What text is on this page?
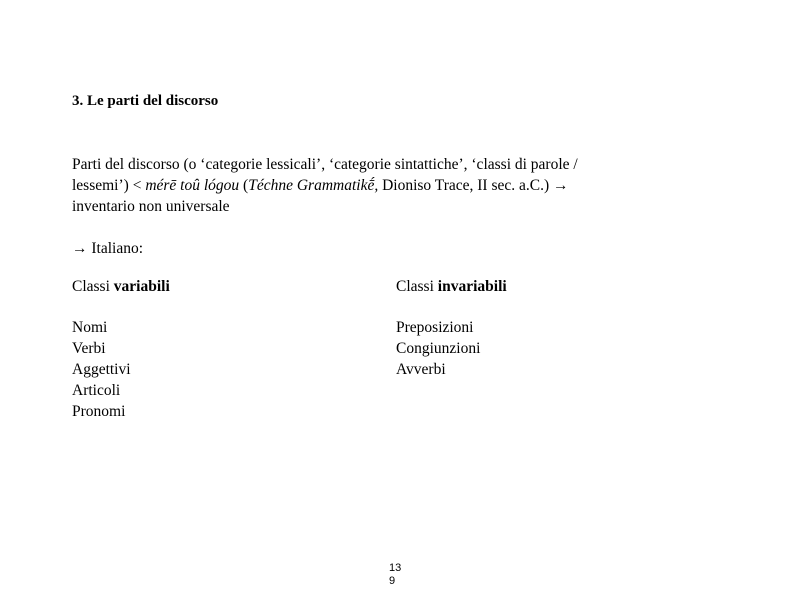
3. Le parti del discorso
Parti del discorso (o ‘categorie lessicali’, ‘categorie sintattiche’, ‘classi di parole /
lessemi’) < mérē toû lógou (Téchne Grammatikḗ, Dioniso Trace, II sec. a.C.) →
inventario non universale
→ Italiano:
Classi variabili
Nomi
Verbi
Aggettivi
Articoli
Pronomi
Classi invariabili
Preposizioni
Congiunzioni
Avverbi
13
9
